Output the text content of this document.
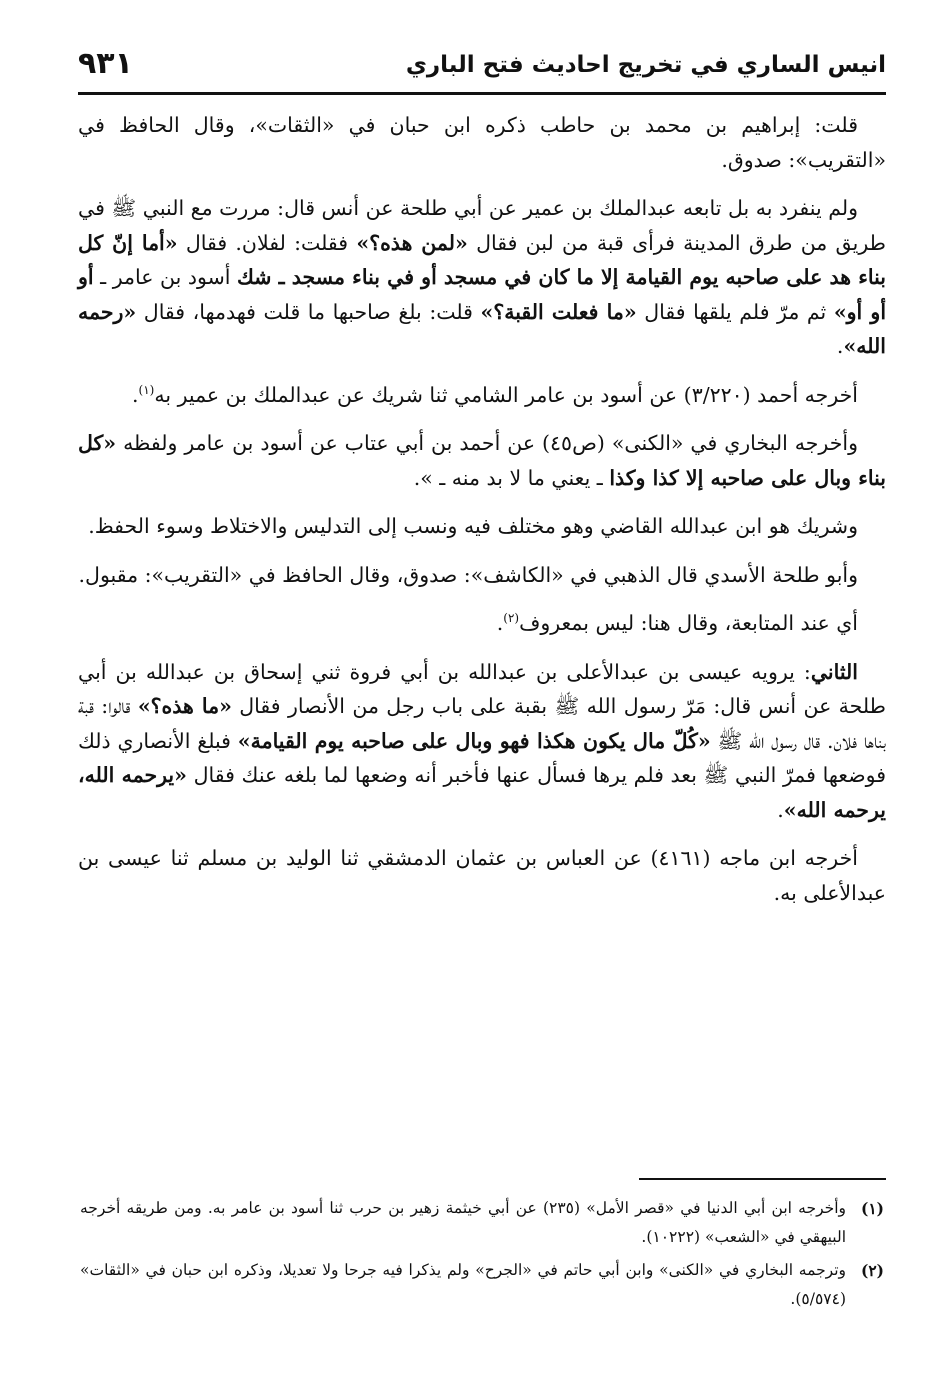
انيس الساري في تخريج احاديث فتح الباري
٩٣١

قلت: إبراهيم بن محمد بن حاطب ذكره ابن حبان في «الثقات»، وقال الحافظ في «التقريب»: صدوق.

ولم ينفرد به بل تابعه عبدالملك بن عمير عن أبي طلحة عن أنس قال: مررت مع النبي ﷺ في طريق من طرق المدينة فرأى قبة من لبن فقال «لمن هذه؟» فقلت: لفلان. فقال «أما إنّ كل بناء هد على صاحبه يوم القيامة إلا ما كان في مسجد أو في بناء مسجد ـ شك أسود بن عامر ـ أو أو أو» ثم مرّ فلم يلقها فقال «ما فعلت القبة؟» قلت: بلغ صاحبها ما قلت فهدمها، فقال «رحمه الله».

أخرجه أحمد (٣/٢٢٠) عن أسود بن عامر الشامي ثنا شريك عن عبدالملك بن عمير به$^{(١)}$.

وأخرجه البخاري في «الكنى» (ص٤٥) عن أحمد بن أبي عتاب عن أسود بن عامر ولفظه «كل بناء وبال على صاحبه إلا كذا وكذا ـ يعني ما لا بد منه ـ ».

وشريك هو ابن عبدالله القاضي وهو مختلف فيه ونسب إلى التدليس والاختلاط وسوء الحفظ.

وأبو طلحة الأسدي قال الذهبي في «الكاشف»: صدوق، وقال الحافظ في «التقريب»: مقبول.

أي عند المتابعة، وقال هنا: ليس بمعروف$^{(٢)}$.

الثاني: يرويه عيسى بن عبدالأعلى بن عبدالله بن أبي فروة ثني إسحاق بن عبدالله بن أبي طلحة عن أنس قال: مَرّ رسول الله ﷺ بقبة على باب رجل من الأنصار فقال «ما هذه؟» قالوا: قبة بناها فلان. قال رسول الله ﷺ «كُلّ مال يكون هكذا فهو وبال على صاحبه يوم القيامة» فبلغ الأنصاري ذلك فوضعها فمرّ النبي ﷺ بعد فلم يرها فسأل عنها فأخبر أنه وضعها لما بلغه عنك فقال «يرحمه الله، يرحمه الله».

أخرجه ابن ماجه (٤١٦١) عن العباس بن عثمان الدمشقي ثنا الوليد بن مسلم ثنا عيسى بن عبدالأعلى به.

(١)
وأخرجه ابن أبي الدنيا في «قصر الأمل» (٢٣٥) عن أبي خيثمة زهير بن حرب ثنا أسود بن عامر به. ومن طريقه أخرجه البيهقي في «الشعب» (١٠٢٢٢).
(٢)
وترجمه البخاري في «الكنى» وابن أبي حاتم في «الجرح» ولم يذكرا فيه جرحا ولا تعديلا، وذكره ابن حبان في «الثقات» (٥/٥٧٤).
